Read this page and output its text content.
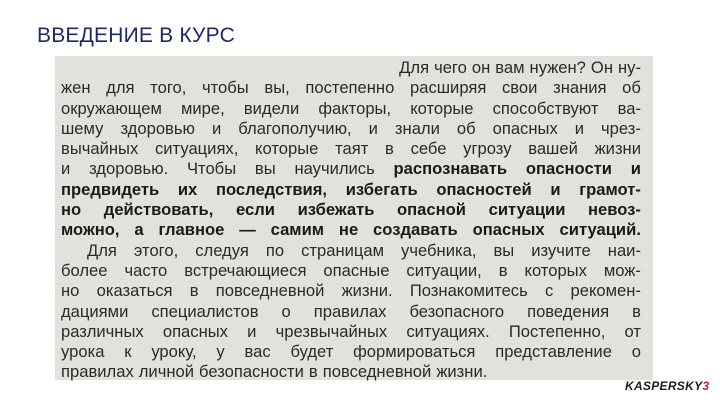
ВВЕДЕНИЕ В КУРС
Для чего он вам нужен? Он ну-
жен для того, чтобы вы, постепенно расширяя свои знания об
окружающем мире, видели факторы, которые способствуют ва-
шему здоровью и благополучию, и знали об опасных и чрез-
вычайных ситуациях, которые таят в себе угрозу вашей жизни
и здоровью. Чтобы вы научились распознавать опасности и
предвидеть их последствия, избегать опасностей и грамот-
но действовать, если избежать опасной ситуации невоз-
можно, а главное — самим не создавать опасных ситуаций.
Для этого, следуя по страницам учебника, вы изучите наи-
более часто встречающиеся опасные ситуации, в которых мож-
но оказаться в повседневной жизни. Познакомитесь с рекомен-
дациями специалистов о правилах безопасного поведения в
различных опасных и чрезвычайных ситуациях. Постепенно, от
урока к уроку, у вас будет формироваться представление о
правилах личной безопасности в повседневной жизни.
KASPERSKY3
